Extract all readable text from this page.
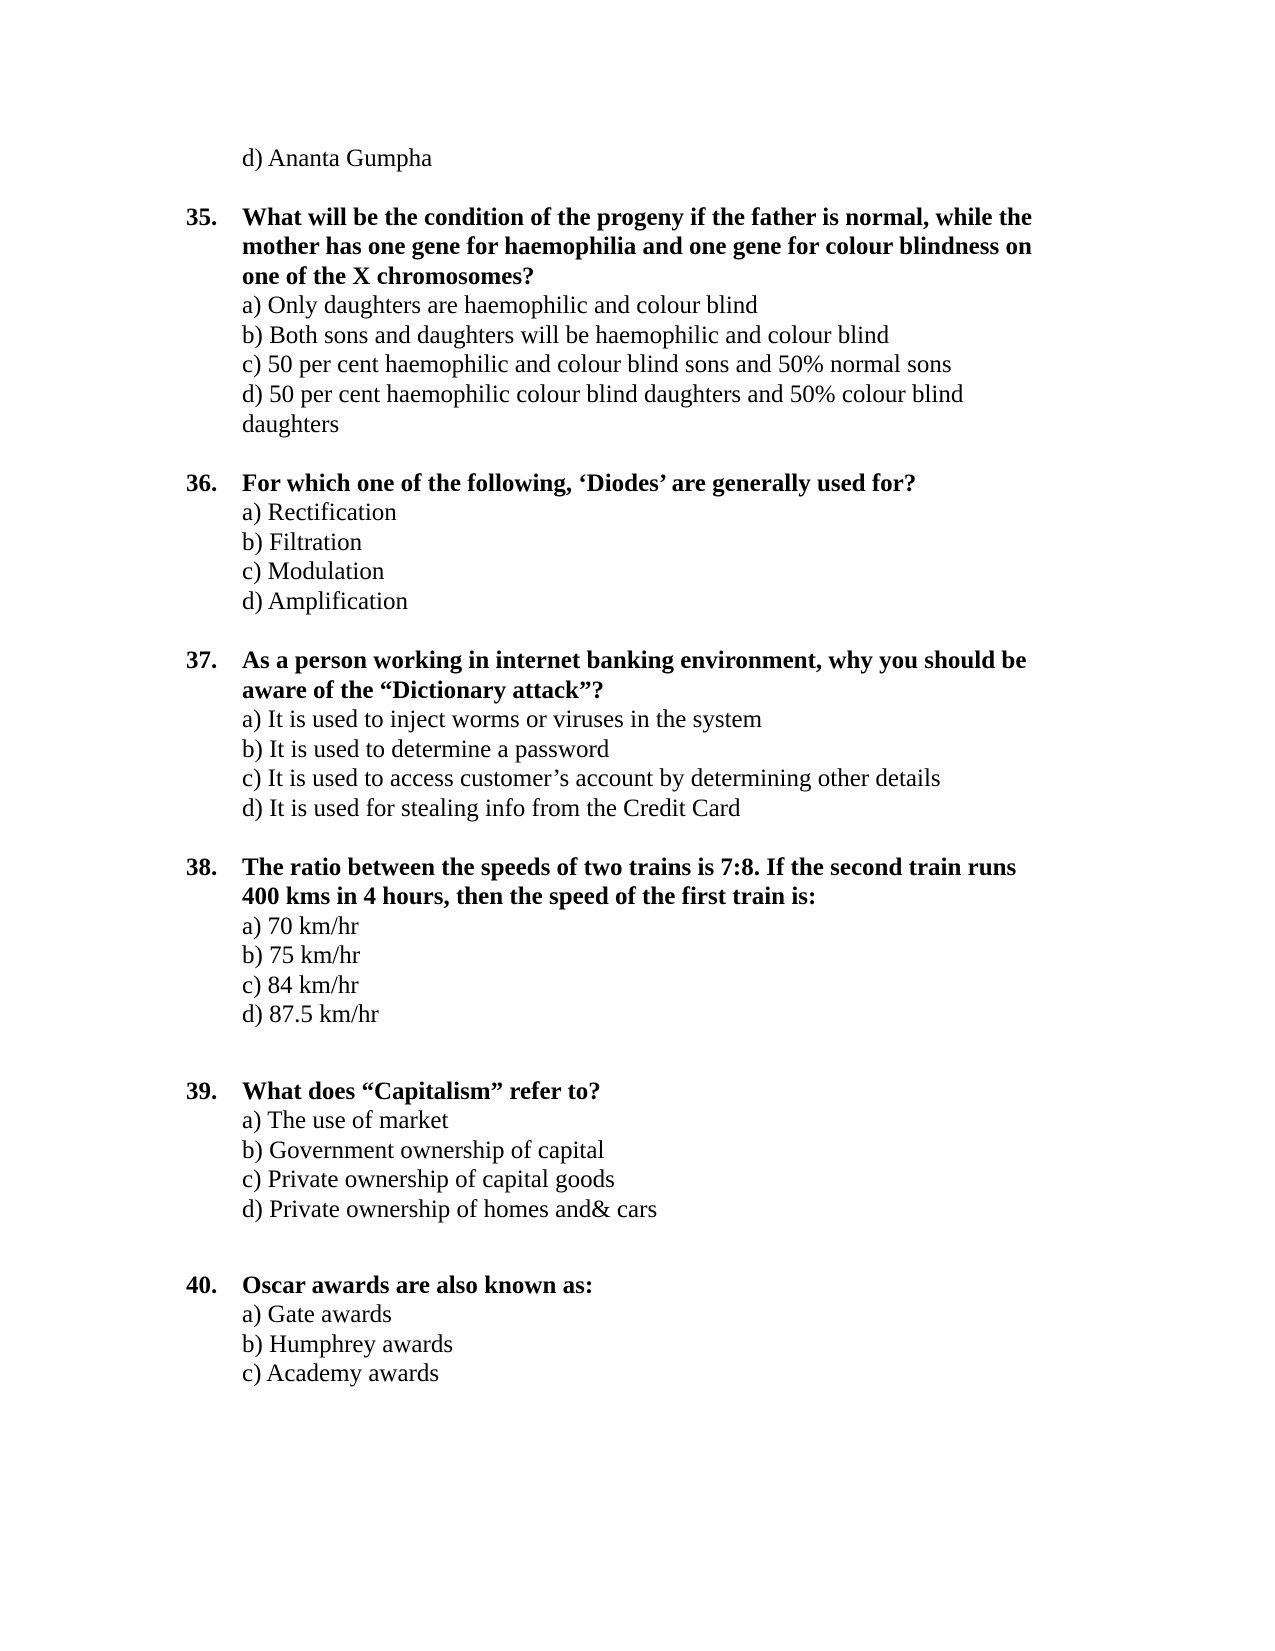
d) Ananta Gumpha
35. What will be the condition of the progeny if the father is normal, while the
mother has one gene for haemophilia and one gene for colour blindness on
one of the X chromosomes?
a) Only daughters are haemophilic and colour blind
b) Both sons and daughters will be haemophilic and colour blind
c) 50 per cent haemophilic and colour blind sons and 50% normal sons
d) 50 per cent haemophilic colour blind daughters and 50% colour blind
daughters
36. For which one of the following, ‘Diodes’ are generally used for?
a) Rectification
b) Filtration
c) Modulation
d) Amplification
37. As a person working in internet banking environment, why you should be
aware of the “Dictionary attack”?
a) It is used to inject worms or viruses in the system
b) It is used to determine a password
c) It is used to access customer’s account by determining other details
d) It is used for stealing info from the Credit Card
38. The ratio between the speeds of two trains is 7:8. If the second train runs
400 kms in 4 hours, then the speed of the first train is:
a) 70 km/hr
b) 75 km/hr
c) 84 km/hr
d) 87.5 km/hr
39. What does “Capitalism” refer to?
a) The use of market
b) Government ownership of capital
c) Private ownership of capital goods
d) Private ownership of homes and& cars
40. Oscar awards are also known as:
a) Gate awards
b) Humphrey awards
c) Academy awards
